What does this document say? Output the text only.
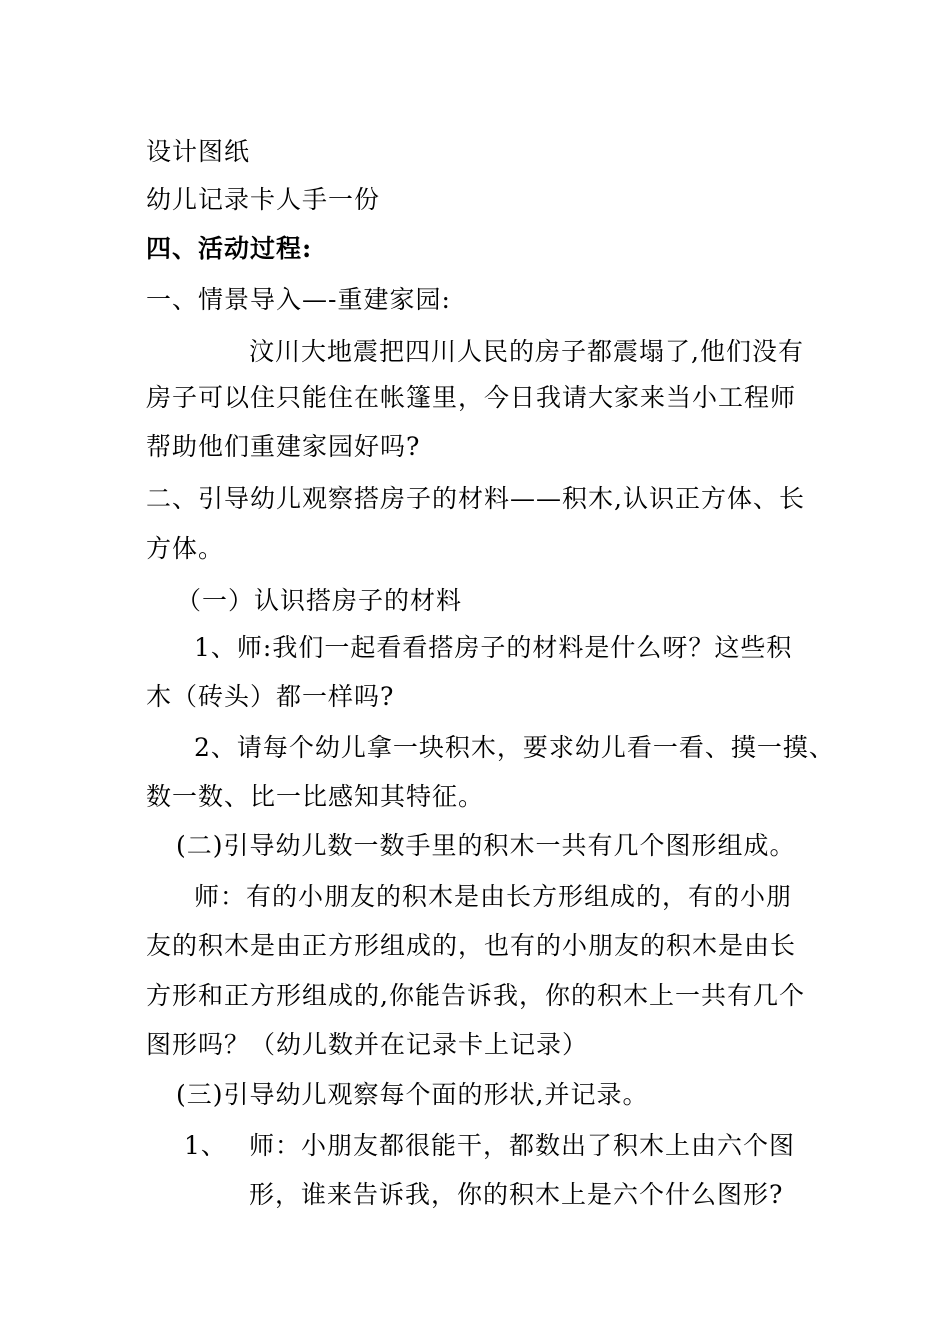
设计图纸
幼儿记录卡人手一份
四、活动过程:
一、情景导入—-重建家园:
汶川大地震把四川人民的房子都震塌了,他们没有
房子可以住只能住在帐篷里，今日我请大家来当小工程师
帮助他们重建家园好吗?
二、引导幼儿观察搭房子的材料——积木,认识正方体、长
方体。
（一）认识搭房子的材料
1、师:我们一起看看搭房子的材料是什么呀？这些积
木（砖头）都一样吗?
2、请每个幼儿拿一块积木，要求幼儿看一看、摸一摸、
数一数、比一比感知其特征。
(二)引导幼儿数一数手里的积木一共有几个图形组成。
师：有的小朋友的积木是由长方形组成的，有的小朋
友的积木是由正方形组成的，也有的小朋友的积木是由长
方形和正方形组成的,你能告诉我，你的积木上一共有几个
图形吗？（幼儿数并在记录卡上记录）
(三)引导幼儿观察每个面的形状,并记录。
1、 师：小朋友都很能干，都数出了积木上由六个图
形，谁来告诉我，你的积木上是六个什么图形?
